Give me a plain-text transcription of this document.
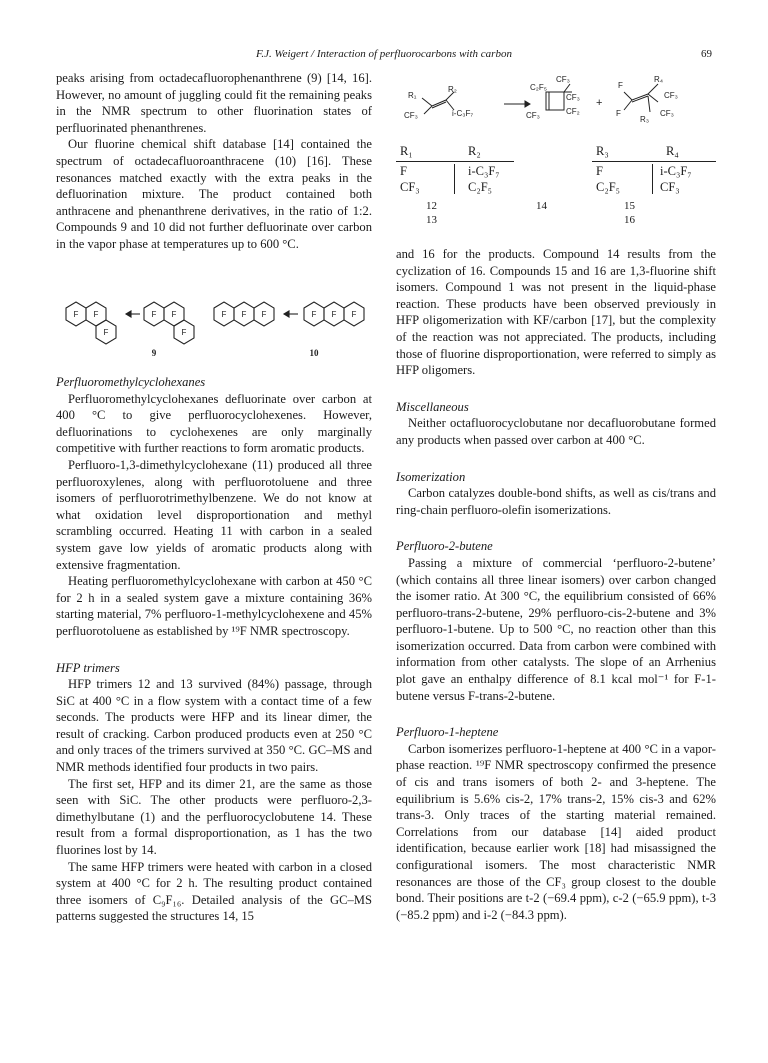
F.J. Weigert / Interaction of perfluorocarbons with carbon	69

peaks arising from octadecafluorophenanthrene (9) [14, 16]. However, no amount of juggling could fit the remaining peaks in the NMR spectrum to other fluorination states of perfluorinated phenanthrenes.

Our fluorine chemical shift database [14] contained the spectrum of octadecafluoroanthracene (10) [16]. These resonances matched exactly with the extra peaks in the defluorination mixture. The product contained both anthracene and phenanthrene derivatives, in the ratio of 1:2. Compounds 9 and 10 did not further defluorinate over carbon in the vapor phase at temperatures up to 600 °C.

F F
F
F F
F
F F F	F F F
9	10

Perfluoromethylcyclohexanes

Perfluoromethylcyclohexanes defluorinate over carbon at 400 °C to give perfluorocyclohexenes. However, defluorinations to cyclohexenes are only marginally competitive with further reactions to form aromatic products.

Perfluoro-1,3-dimethylcyclohexane (11) produced all three perfluoroxylenes, along with perfluorotoluene and three isomers of perfluorotrimethylbenzene. We do not know at what oxidation level disproportionation and methyl scrambling occurred. Heating 11 with carbon in a sealed system gave low yields of aromatic products along with extensive fragmentation.

Heating perfluoromethylcyclohexane with carbon at 450 °C for 2 h in a sealed system gave a mixture containing 36% starting material, 7% perfluoro-1-methylcyclohexene and 45% perfluorotoluene as established by ¹⁹F NMR spectroscopy.

HFP trimers

HFP trimers 12 and 13 survived (84%) passage, through SiC at 400 °C in a flow system with a contact time of a few seconds. The products were HFP and its linear dimer, the result of cracking. Carbon produced products even at 250 °C and only traces of the trimers survived at 350 °C. GC–MS and NMR methods identified four products in two pairs.

The first set, HFP and its dimer 21, are the same as those seen with SiC. The other products were perfluoro-2,3-dimethylbutane (1) and the perfluorocyclobutene 14. These result from a formal disproportionation, as 1 has the two fluorines lost by 14.

The same HFP trimers were heated with carbon in a closed system at 400 °C for 2 h. The resulting product contained three isomers of C₉F₁₆. Detailed analysis of the GC–MS patterns suggested the structures 14, 15

R₁
R₂
CF₃	i-C₃F₇
C₂F₅
CF₃
CF₃
CF₂
CF₃
+
F
R₄
CF₃
F
R₃
CF₃
R₁	R₂	R₃	R₄
F	i-C₃F₇	F	i-C₃F₇
CF₃	C₂F₅	C₂F₅	CF₃
12
13
14	15
16

and 16 for the products. Compound 14 results from the cyclization of 16. Compounds 15 and 16 are 1,3-fluorine shift isomers. Compound 1 was not present in the liquid-phase reaction. These products have been observed previously in HFP oligomerization with KF/carbon [17], but the complexity of the reaction was not appreciated. The products, including those of fluorine disproportionation, were referred to simply as HFP oligomers.

Miscellaneous

Neither octafluorocyclobutane nor decafluorobutane formed any products when passed over carbon at 400 °C.

Isomerization

Carbon catalyzes double-bond shifts, as well as cis/trans and ring-chain perfluoro-olefin isomerizations.

Perfluoro-2-butene

Passing a mixture of commercial ‘perfluoro-2-butene’ (which contains all three linear isomers) over carbon changed the isomer ratio. At 300 °C, the equilibrium consisted of 66% perfluoro-trans-2-butene, 29% perfluoro-cis-2-butene and 3% perfluoro-1-butene. Up to 500 °C, no reaction other than this isomerization occurred. Data from carbon were combined with information from other catalysts. The slope of an Arrhenius plot gave an enthalpy difference of 8.1 kcal mol⁻¹ for F-1-butene versus F-trans-2-butene.

Perfluoro-1-heptene

Carbon isomerizes perfluoro-1-heptene at 400 °C in a vapor-phase reaction. ¹⁹F NMR spectroscopy confirmed the presence of cis and trans isomers of both 2- and 3-heptene. The equilibrium is 5.6% cis-2, 17% trans-2, 15% cis-3 and 62% trans-3. Only traces of the starting material remained. Correlations from our database [14] aided product identification, because earlier work [18] had misassigned the configurational isomers. The most characteristic NMR resonances are those of the CF₃ group closest to the double bond. Their positions are t-2 (−69.4 ppm), c-2 (−65.9 ppm), t-3 (−85.2 ppm) and i-2 (−84.3 ppm).
